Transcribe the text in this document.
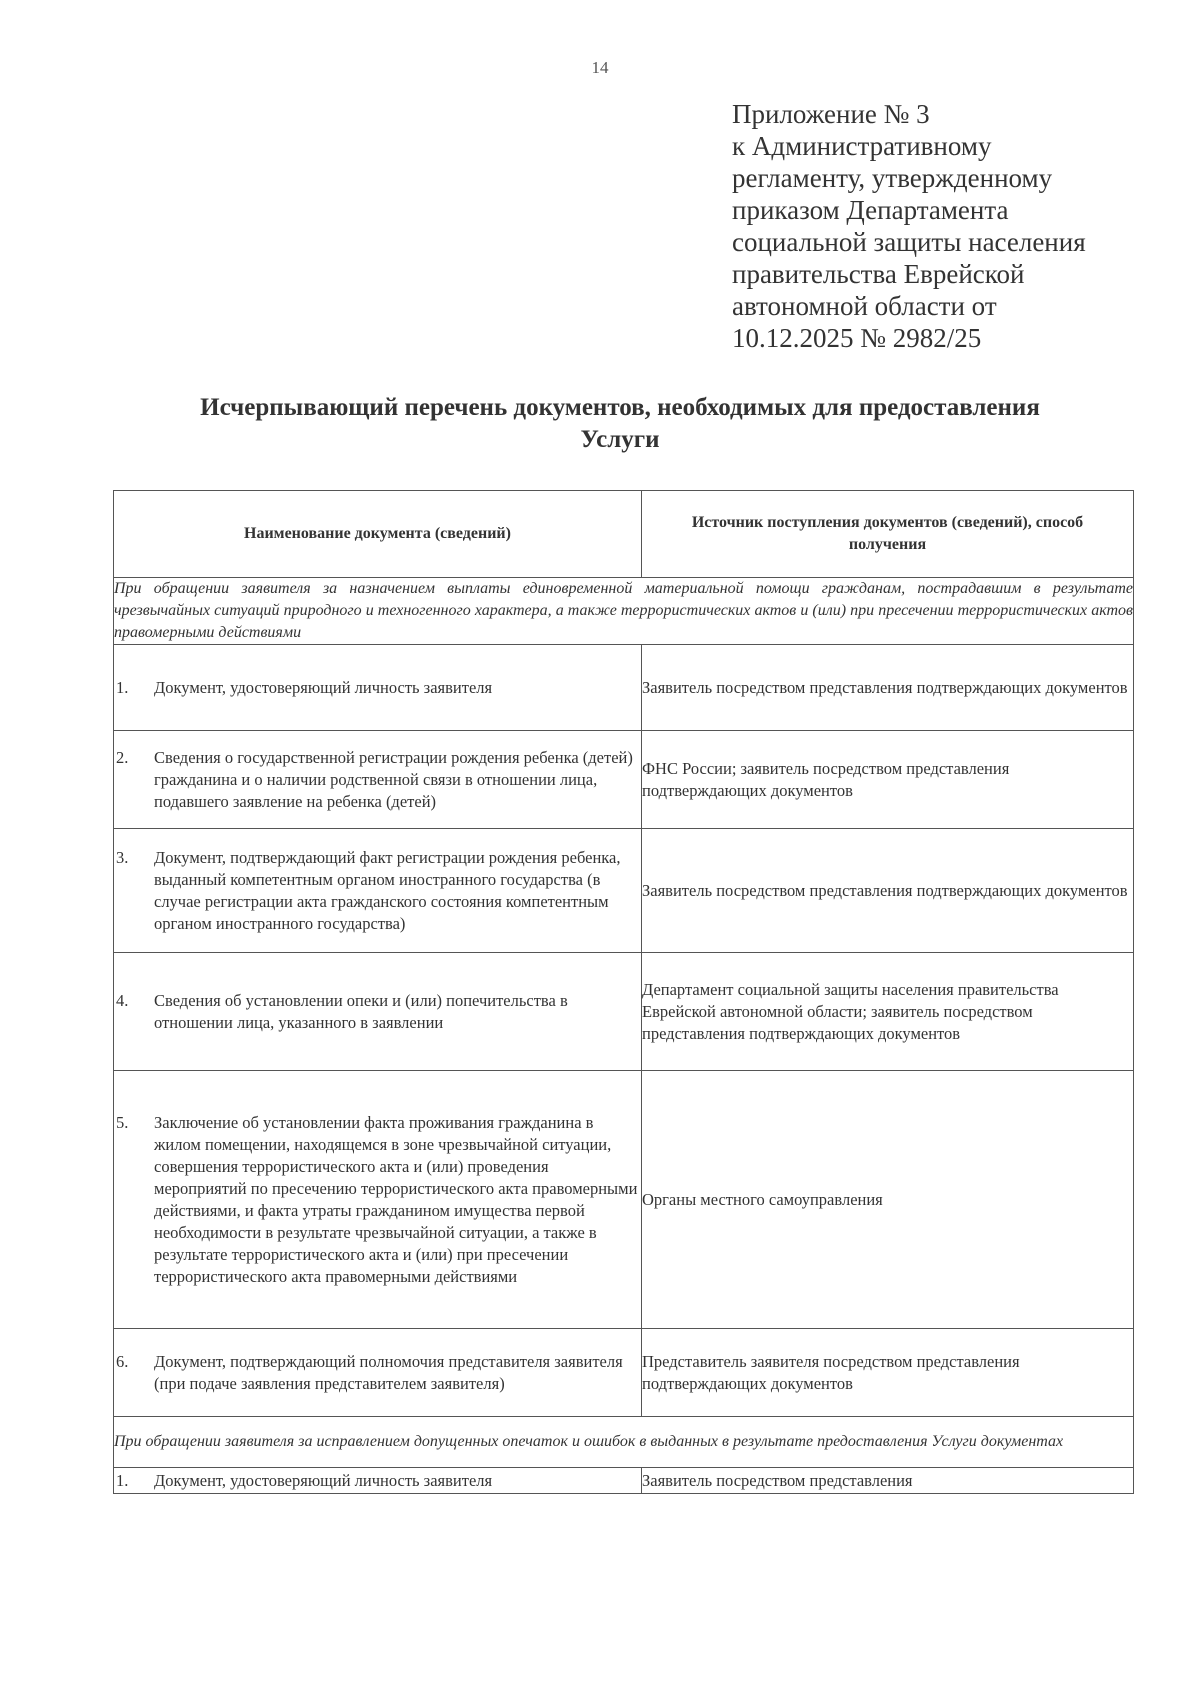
14
Приложение № 3
к Административному
регламенту, утвержденному
приказом Департамента
социальной защиты населения
правительства Еврейской
автономной области от
10.12.2025 № 2982/25
Исчерпывающий перечень документов, необходимых для предоставления
Услуги
Наименование документа (сведений)	Источник поступления документов (сведений), способ получения
При обращении заявителя за назначением выплаты единовременной материальной помощи гражданам, пострадавшим в результате чрезвычайных ситуаций природного и техногенного характера, а также террористических актов и (или) при пресечении террористических актов правомерными действиями	

1. Документ, удостоверяющий личность заявителя	Заявитель посредством представления подтверждающих документов

2. Сведения о государственной регистрации рождения ребенка (детей) гражданина и о наличии родственной связи в отношении лица, подавшего заявление на ребенка (детей)	ФНС России; заявитель посредством представления подтверждающих документов

3. Документ, подтверждающий факт регистрации рождения ребенка, выданный компетентным органом иностранного государства (в случае регистрации акта гражданского состояния компетентным органом иностранного государства)	Заявитель посредством представления подтверждающих документов

4. Сведения об установлении опеки и (или) попечительства в отношении лица, указанного в заявлении	Департамент социальной защиты населения правительства Еврейской автономной области; заявитель посредством представления подтверждающих документов

5. Заключение об установлении факта проживания гражданина в жилом помещении, находящемся в зоне чрезвычайной ситуации, совершения террористического акта и (или) проведения мероприятий по пресечению террористического акта правомерными действиями, и факта утраты гражданином имущества первой необходимости в результате чрезвычайной ситуации, а также в результате террористического акта и (или) при пресечении террористического акта правомерными действиями	Органы местного самоуправления

6. Документ, подтверждающий полномочия представителя заявителя (при подаче заявления представителем заявителя)	Представитель заявителя посредством представления подтверждающих документов
При обращении заявителя за исправлением допущенных опечаток и ошибок в выданных в результате предоставления Услуги документах	

1. Документ, удостоверяющий личность заявителя	Заявитель посредством представления
